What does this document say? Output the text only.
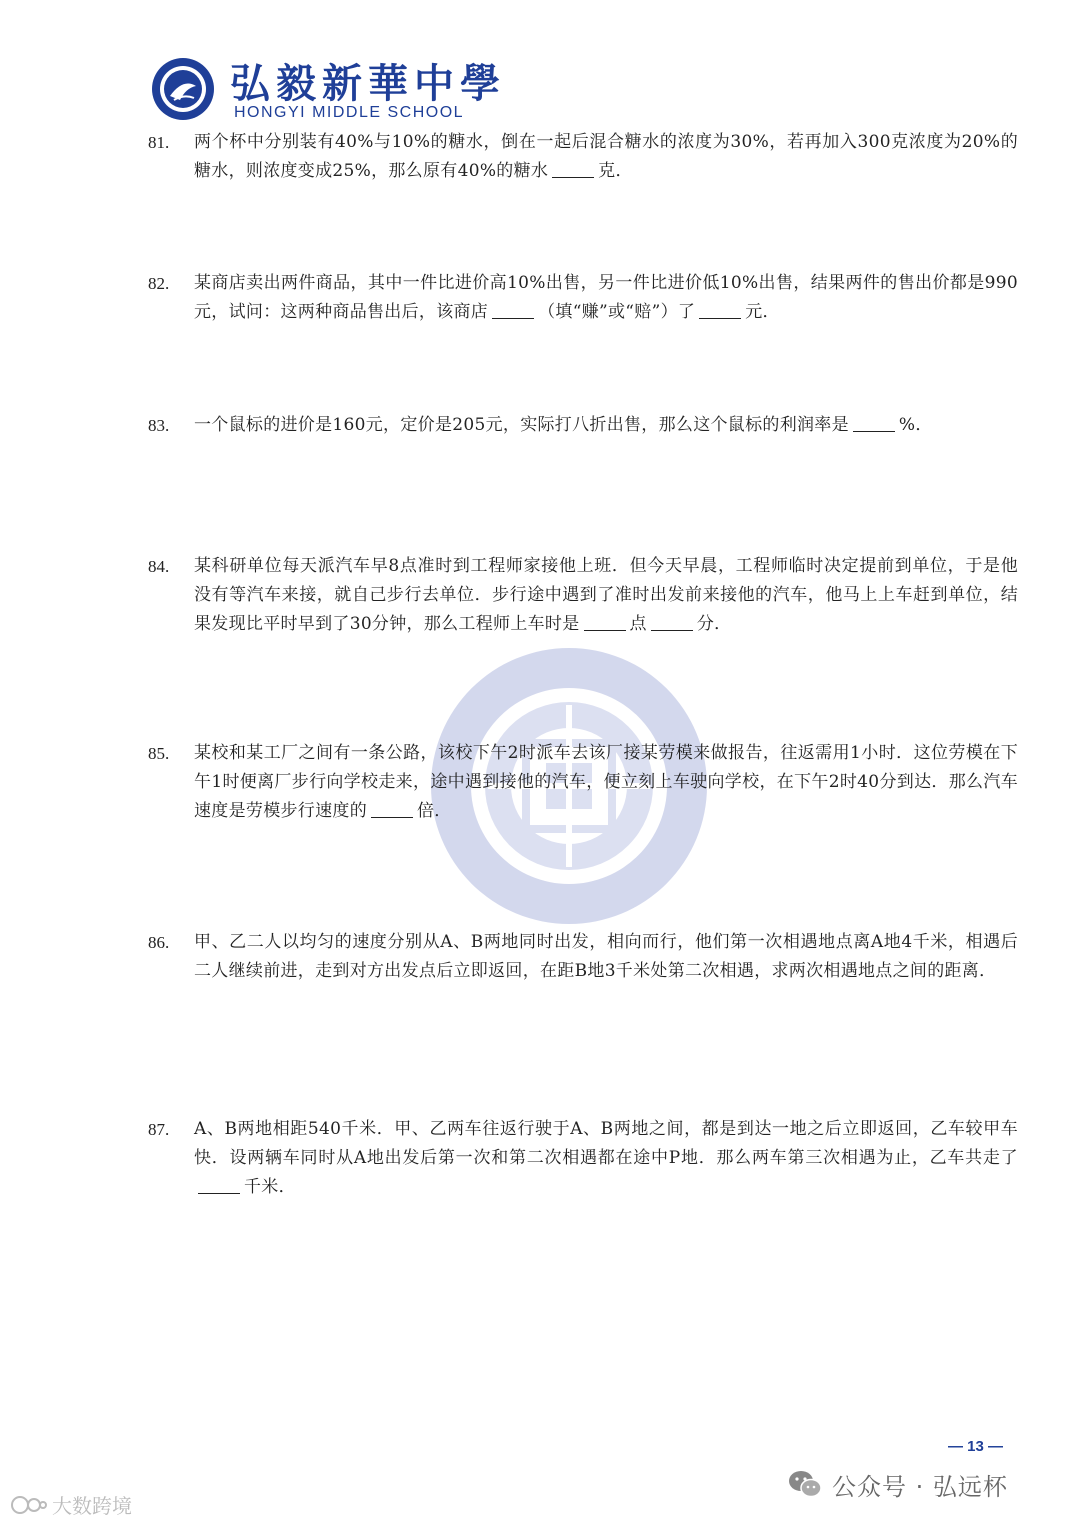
弘毅新華中學
HONGYI MIDDLE SCHOOL
81.	两个杯中分别装有40%与10%的糖水，倒在一起后混合糖水的浓度为30%，若再加入300克浓度为20%的糖水，则浓度变成25%，那么原有40%的糖水	克．
82.	某商店卖出两件商品，其中一件比进价高10%出售，另一件比进价低10%出售，结果两件的售出价都是990元，试问：这两种商品售出后，该商店	（填“赚”或“赔”）了	元．
83.	一个鼠标的进价是160元，定价是205元，实际打八折出售，那么这个鼠标的利润率是	%．
84.	某科研单位每天派汽车早8点准时到工程师家接他上班．但今天早晨，工程师临时决定提前到单位，于是他没有等汽车来接，就自己步行去单位．步行途中遇到了准时出发前来接他的汽车，他马上上车赶到单位，结果发现比平时早到了30分钟，那么工程师上车时是	点	分．
85.	某校和某工厂之间有一条公路，该校下午2时派车去该厂接某劳模来做报告，往返需用1小时．这位劳模在下午1时便离厂步行向学校走来，途中遇到接他的汽车，便立刻上车驶向学校，在下午2时40分到达．那么汽车速度是劳模步行速度的	倍．
86.	甲、乙二人以均匀的速度分别从A、B两地同时出发，相向而行，他们第一次相遇地点离A地4千米，相遇后二人继续前进，走到对方出发点后立即返回，在距B地3千米处第二次相遇，求两次相遇地点之间的距离．
87.	A、B两地相距540千米．甲、乙两车往返行驶于A、B两地之间，都是到达一地之后立即返回，乙车较甲车快．设两辆车同时从A地出发后第一次和第二次相遇都在途中P地．那么两车第三次相遇为止，乙车共走了千米．
— 13 —
公众号 · 弘远杯
大数跨境
